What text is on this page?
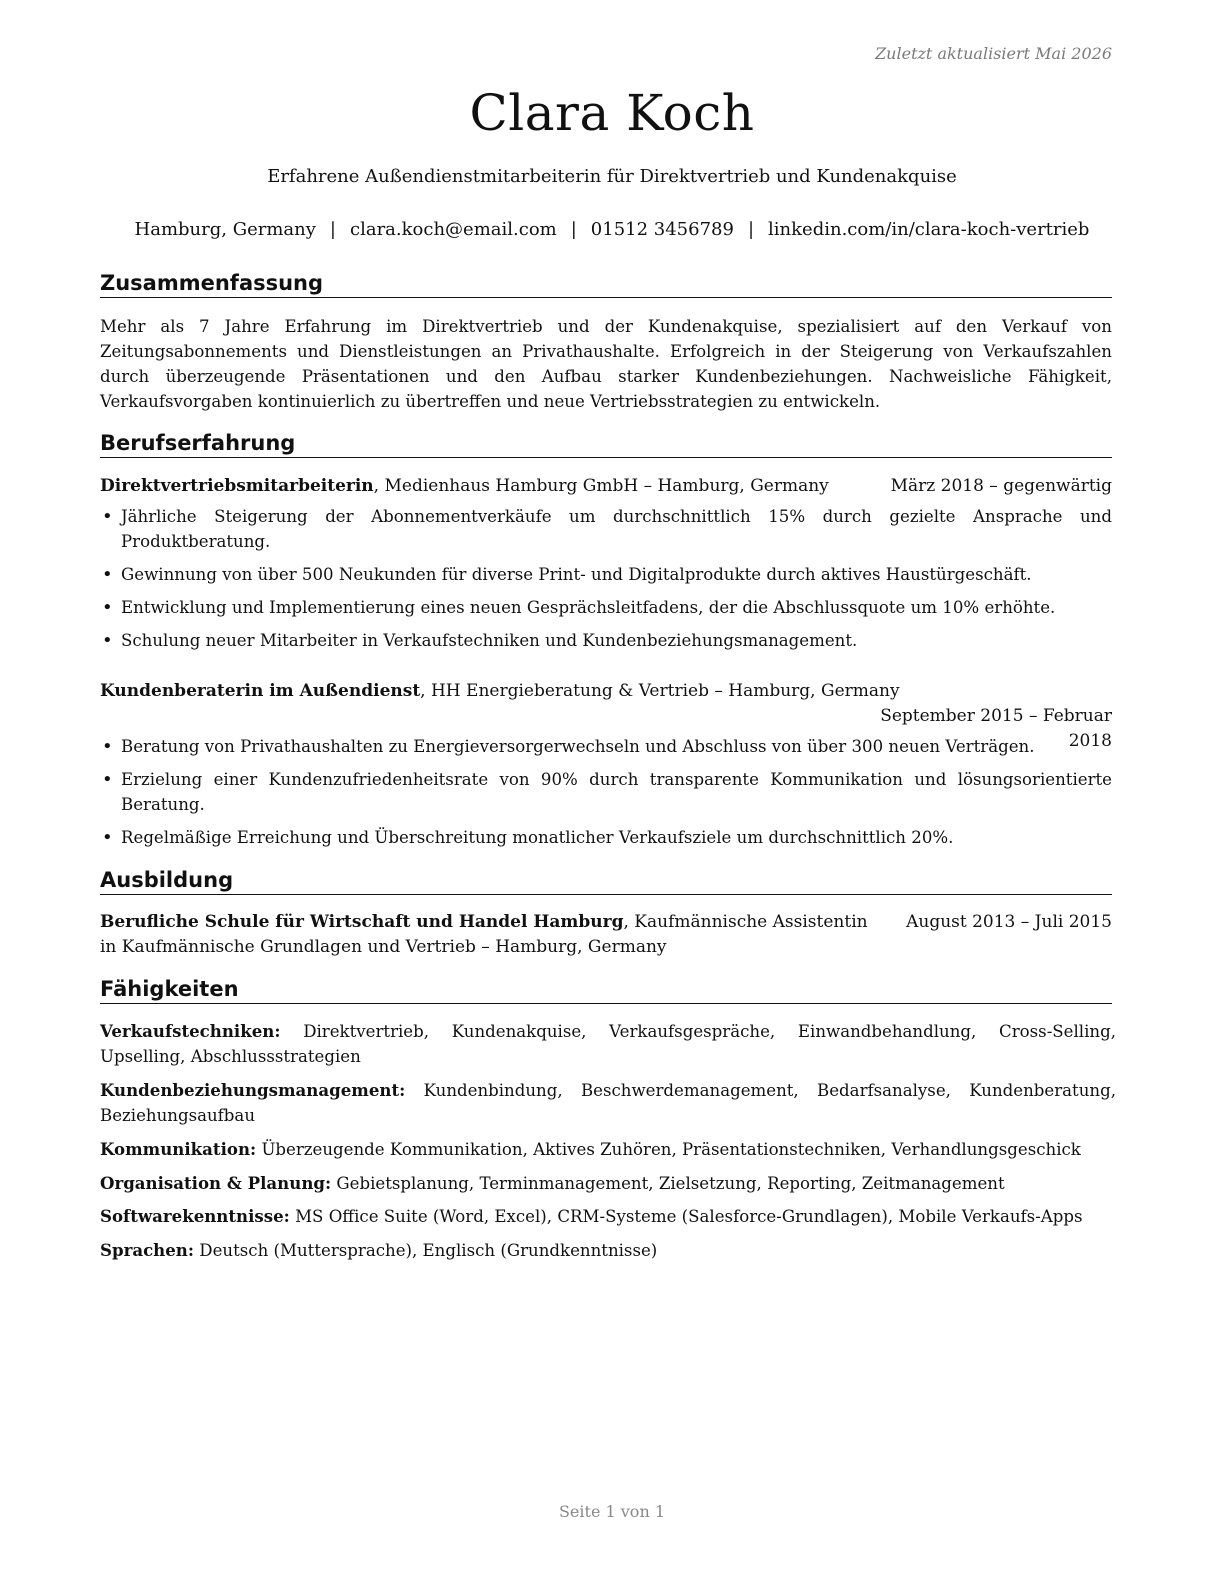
Zuletzt aktualisiert Mai 2026
Clara Koch
Erfahrene Außendienstmitarbeiterin für Direktvertrieb und Kundenakquise
Hamburg, Germany | clara.koch@email.com | 01512 3456789 | linkedin.com/in/clara-koch-vertrieb
Zusammenfassung
Mehr als 7 Jahre Erfahrung im Direktvertrieb und der Kundenakquise, spezialisiert auf den Verkauf von Zeitungsabonnements und Dienstleistungen an Privathaushalte. Erfolgreich in der Steigerung von Verkaufszahlen durch überzeugende Präsentationen und den Aufbau starker Kundenbeziehungen. Nachweisliche Fähigkeit, Verkaufsvorgaben kontinuierlich zu übertreffen und neue Vertriebsstrategien zu entwickeln.
Berufserfahrung
Direktvertriebsmitarbeiterin, Medienhaus Hamburg GmbH – Hamburg, Germany	März 2018 – gegenwärtig
• Jährliche Steigerung der Abonnementverkäufe um durchschnittlich 15% durch gezielte Ansprache und Produktberatung.
• Gewinnung von über 500 Neukunden für diverse Print- und Digitalprodukte durch aktives Haustürgeschäft.
• Entwicklung und Implementierung eines neuen Gesprächsleitfadens, der die Abschlussquote um 10% erhöhte.
• Schulung neuer Mitarbeiter in Verkaufstechniken und Kundenbeziehungsmanagement.
Kundenberaterin im Außendienst, HH Energieberatung & Vertrieb – Hamburg, Germany
September 2015 – Februar 2018
• Beratung von Privathaushalten zu Energieversorgerwechseln und Abschluss von über 300 neuen Verträgen.
• Erzielung einer Kundenzufriedenheitsrate von 90% durch transparente Kommunikation und lösungsorientierte Beratung.
• Regelmäßige Erreichung und Überschreitung monatlicher Verkaufsziele um durchschnittlich 20%.
Ausbildung
Berufliche Schule für Wirtschaft und Handel Hamburg, Kaufmännische Assistentin in Kaufmännische Grundlagen und Vertrieb – Hamburg, Germany
August 2013 – Juli 2015
Fähigkeiten
Verkaufstechniken: Direktvertrieb, Kundenakquise, Verkaufsgespräche, Einwandbehandlung, Cross-Selling, Upselling, Abschlussstrategien
Kundenbeziehungsmanagement: Kundenbindung, Beschwerdemanagement, Bedarfsanalyse, Kundenberatung, Beziehungsaufbau
Kommunikation: Überzeugende Kommunikation, Aktives Zuhören, Präsentationstechniken, Verhandlungsgeschick
Organisation & Planung: Gebietsplanung, Terminmanagement, Zielsetzung, Reporting, Zeitmanagement
Softwarekenntnisse: MS Office Suite (Word, Excel), CRM-Systeme (Salesforce-Grundlagen), Mobile Verkaufs-Apps
Sprachen: Deutsch (Muttersprache), Englisch (Grundkenntnisse)
Seite 1 von 1
